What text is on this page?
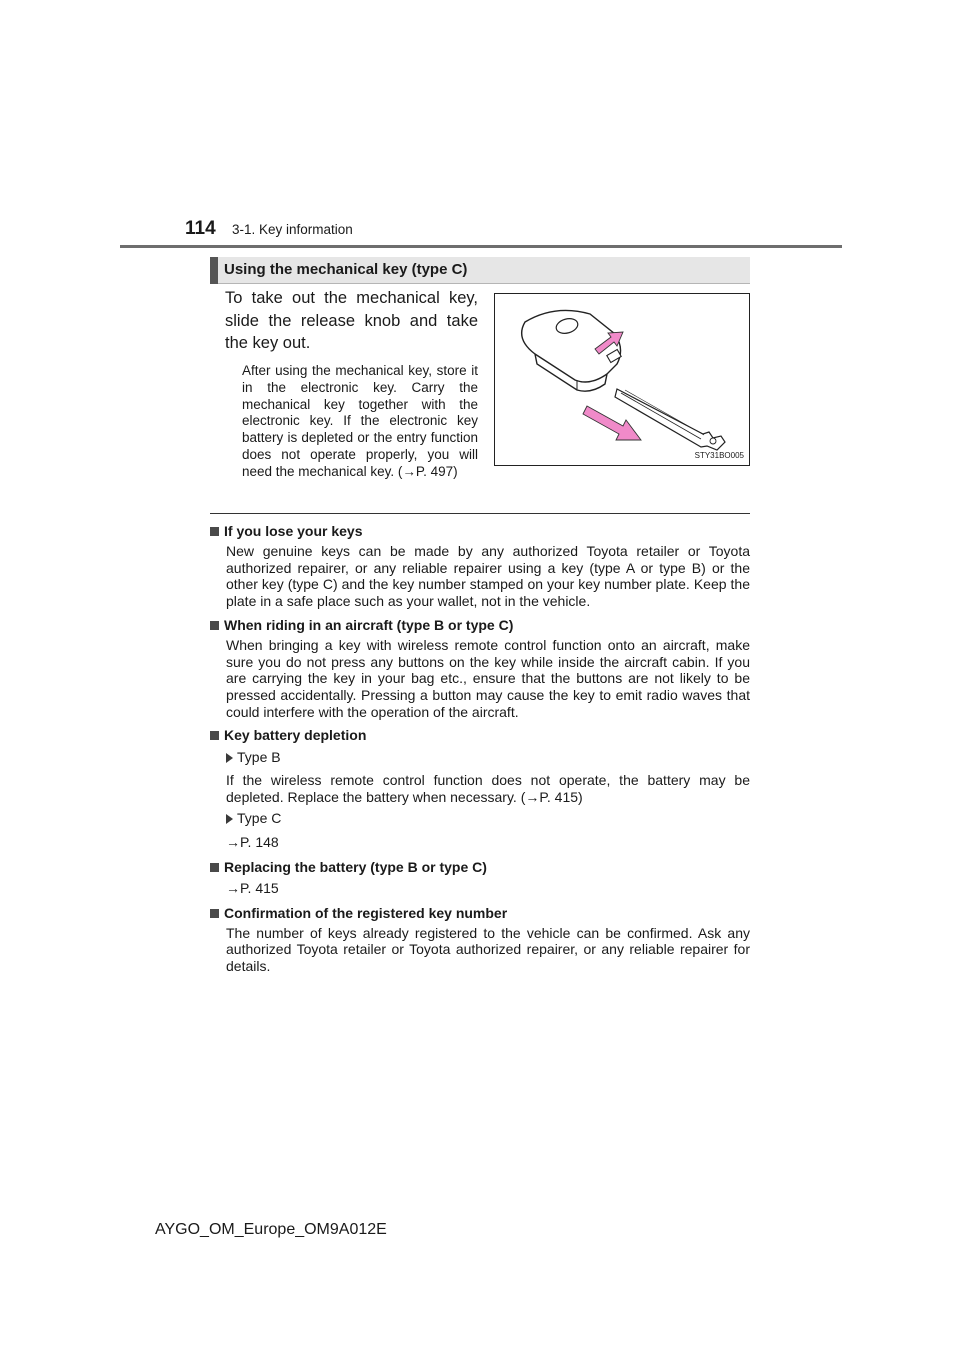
114 3-1. Key information
Using the mechanical key (type C)
To take out the mechanical key, slide the release knob and take the key out.
After using the mechanical key, store it in the electronic key. Carry the mechanical key together with the electronic key. If the electronic key battery is depleted or the entry function does not operate properly, you will need the mechanical key. (→P. 497)
STY31BO005
If you lose your keys
New genuine keys can be made by any authorized Toyota retailer or Toyota authorized repairer, or any reliable repairer using a key (type A or type B) or the other key (type C) and the key number stamped on your key number plate. Keep the plate in a safe place such as your wallet, not in the vehicle.
When riding in an aircraft (type B or type C)
When bringing a key with wireless remote control function onto an aircraft, make sure you do not press any buttons on the key while inside the aircraft cabin. If you are carrying the key in your bag etc., ensure that the buttons are not likely to be pressed accidentally. Pressing a button may cause the key to emit radio waves that could interfere with the operation of the aircraft.
Key battery depletion
Type B
If the wireless remote control function does not operate, the battery may be depleted. Replace the battery when necessary. (→P. 415)
Type C
→P. 148
Replacing the battery (type B or type C)
→P. 415
Confirmation of the registered key number
The number of keys already registered to the vehicle can be confirmed. Ask any authorized Toyota retailer or Toyota authorized repairer, or any reliable repairer for details.
AYGO_OM_Europe_OM9A012E
